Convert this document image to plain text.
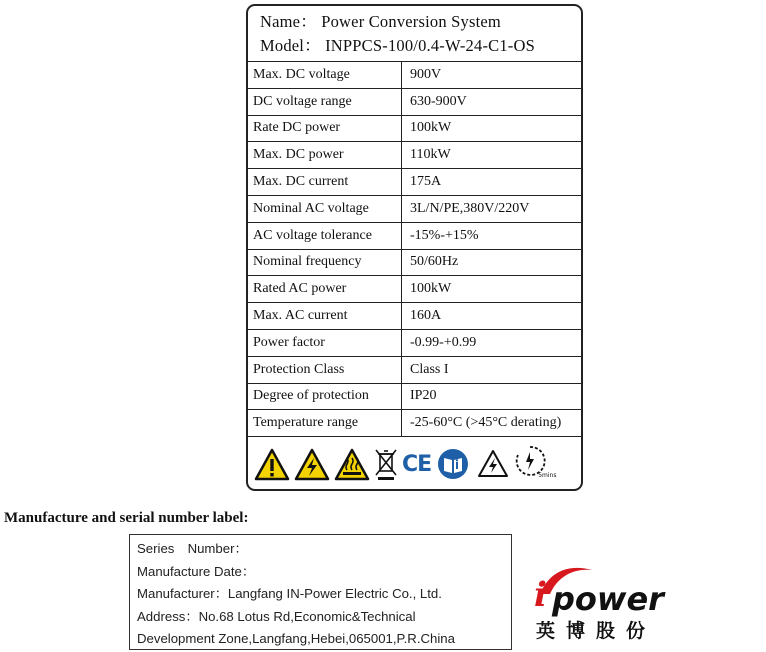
Name： Power Conversion System
Model： INPPCS-100/0.4-W-24-C1-OS
Max. DC voltage	900V
DC voltage range	630-900V
Rate DC power	100kW
Max. DC power	110kW
Max. DC current	175A
Nominal AC voltage	3L/N/PE,380V/220V
AC voltage tolerance	-15%-+15%
Nominal frequency	50/60Hz
Rated AC power	100kW
Max. AC current	160A
Power factor	-0.99-+0.99
Protection Class	Class I
Degree of protection	IP20
Temperature range	-25-60°C (>45°C derating)
CE	5mins
Manufacture and serial number label:
Series　Number：
Manufacture Date：
Manufacturer：Langfang IN-Power Electric Co., Ltd.
Address：No.68 Lotus Rd,Economic&Technical
Development Zone,Langfang,Hebei,065001,P.R.China
i power
英博股份
